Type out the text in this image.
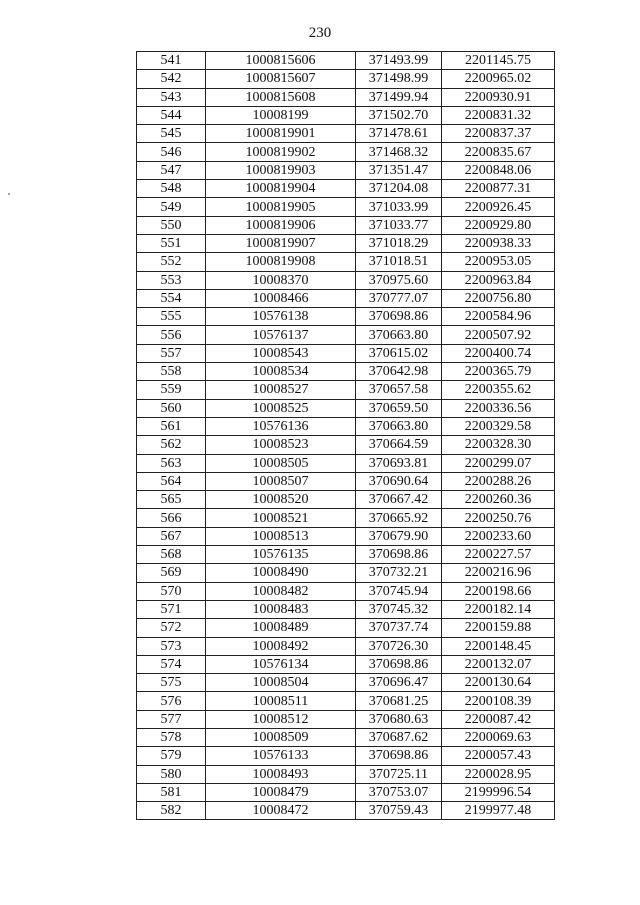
230
541	1000815606	371493.99	2201145.75
542	1000815607	371498.99	2200965.02
543	1000815608	371499.94	2200930.91
544	10008199	371502.70	2200831.32
545	1000819901	371478.61	2200837.37
546	1000819902	371468.32	2200835.67
547	1000819903	371351.47	2200848.06
548	1000819904	371204.08	2200877.31
549	1000819905	371033.99	2200926.45
550	1000819906	371033.77	2200929.80
551	1000819907	371018.29	2200938.33
552	1000819908	371018.51	2200953.05
553	10008370	370975.60	2200963.84
554	10008466	370777.07	2200756.80
555	10576138	370698.86	2200584.96
556	10576137	370663.80	2200507.92
557	10008543	370615.02	2200400.74
558	10008534	370642.98	2200365.79
559	10008527	370657.58	2200355.62
560	10008525	370659.50	2200336.56
561	10576136	370663.80	2200329.58
562	10008523	370664.59	2200328.30
563	10008505	370693.81	2200299.07
564	10008507	370690.64	2200288.26
565	10008520	370667.42	2200260.36
566	10008521	370665.92	2200250.76
567	10008513	370679.90	2200233.60
568	10576135	370698.86	2200227.57
569	10008490	370732.21	2200216.96
570	10008482	370745.94	2200198.66
571	10008483	370745.32	2200182.14
572	10008489	370737.74	2200159.88
573	10008492	370726.30	2200148.45
574	10576134	370698.86	2200132.07
575	10008504	370696.47	2200130.64
576	10008511	370681.25	2200108.39
577	10008512	370680.63	2200087.42
578	10008509	370687.62	2200069.63
579	10576133	370698.86	2200057.43
580	10008493	370725.11	2200028.95
581	10008479	370753.07	2199996.54
582	10008472	370759.43	2199977.48
